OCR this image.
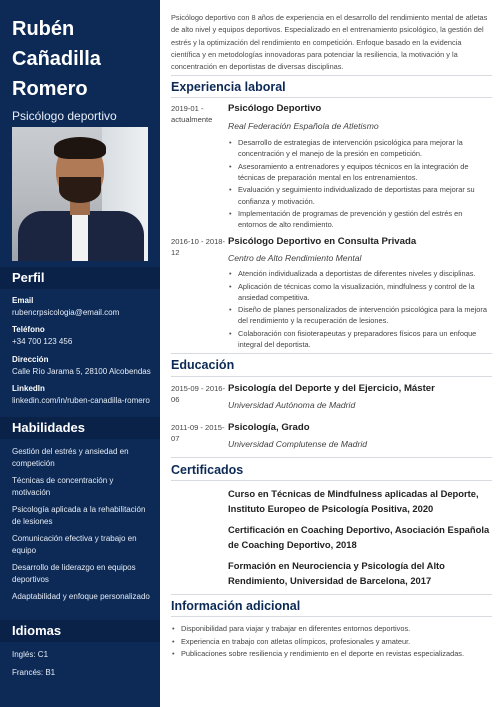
Rubén
Cañadilla
Romero
Psicólogo deportivo
Perfil
Email
rubencrpsicologia@email.com
Teléfono
+34 700 123 456
Dirección
Calle Río Jarama 5, 28100 Alcobendas
LinkedIn
linkedin.com/in/ruben-canadilla-romero
Habilidades
Gestión del estrés y ansiedad en competición
Técnicas de concentración y motivación
Psicología aplicada a la rehabilitación de lesiones
Comunicación efectiva y trabajo en equipo
Desarrollo de liderazgo en equipos deportivos
Adaptabilidad y enfoque personalizado
Idiomas
Inglés: C1
Francés: B1
Psicólogo deportivo con 8 años de experiencia en el desarrollo del rendimiento mental de atletas de alto nivel y equipos deportivos. Especializado en el entrenamiento psicológico, la gestión del estrés y la optimización del rendimiento en competición. Enfoque basado en la evidencia científica y en metodologías innovadoras para potenciar la resiliencia, la motivación y la concentración en deportistas de diversas disciplinas.
Experiencia laboral
2019-01 - actualmente
Psicólogo Deportivo
Real Federación Española de Atletismo
• Desarrollo de estrategias de intervención psicológica para mejorar la concentración y el manejo de la presión en competición.
• Asesoramiento a entrenadores y equipos técnicos en la integración de técnicas de preparación mental en los entrenamientos.
• Evaluación y seguimiento individualizado de deportistas para mejorar su confianza y motivación.
• Implementación de programas de prevención y gestión del estrés en entornos de alto rendimiento.
2016-10 - 2018-12
Psicólogo Deportivo en Consulta Privada
Centro de Alto Rendimiento Mental
• Atención individualizada a deportistas de diferentes niveles y disciplinas.
• Aplicación de técnicas como la visualización, mindfulness y control de la ansiedad competitiva.
• Diseño de planes personalizados de intervención psicológica para la mejora del rendimiento y la recuperación de lesiones.
• Colaboración con fisioterapeutas y preparadores físicos para un enfoque integral del deportista.
Educación
2015-09 - 2016-06
Psicología del Deporte y del Ejercicio, Máster
Universidad Autónoma de Madrid
2011-09 - 2015-07
Psicología, Grado
Universidad Complutense de Madrid
Certificados
Curso en Técnicas de Mindfulness aplicadas al Deporte, Instituto Europeo de Psicología Positiva, 2020
Certificación en Coaching Deportivo, Asociación Española de Coaching Deportivo, 2018
Formación en Neurociencia y Psicología del Alto Rendimiento, Universidad de Barcelona, 2017
Información adicional
• Disponibilidad para viajar y trabajar en diferentes entornos deportivos.
• Experiencia en trabajo con atletas olímpicos, profesionales y amateur.
• Publicaciones sobre resiliencia y rendimiento en el deporte en revistas especializadas.
